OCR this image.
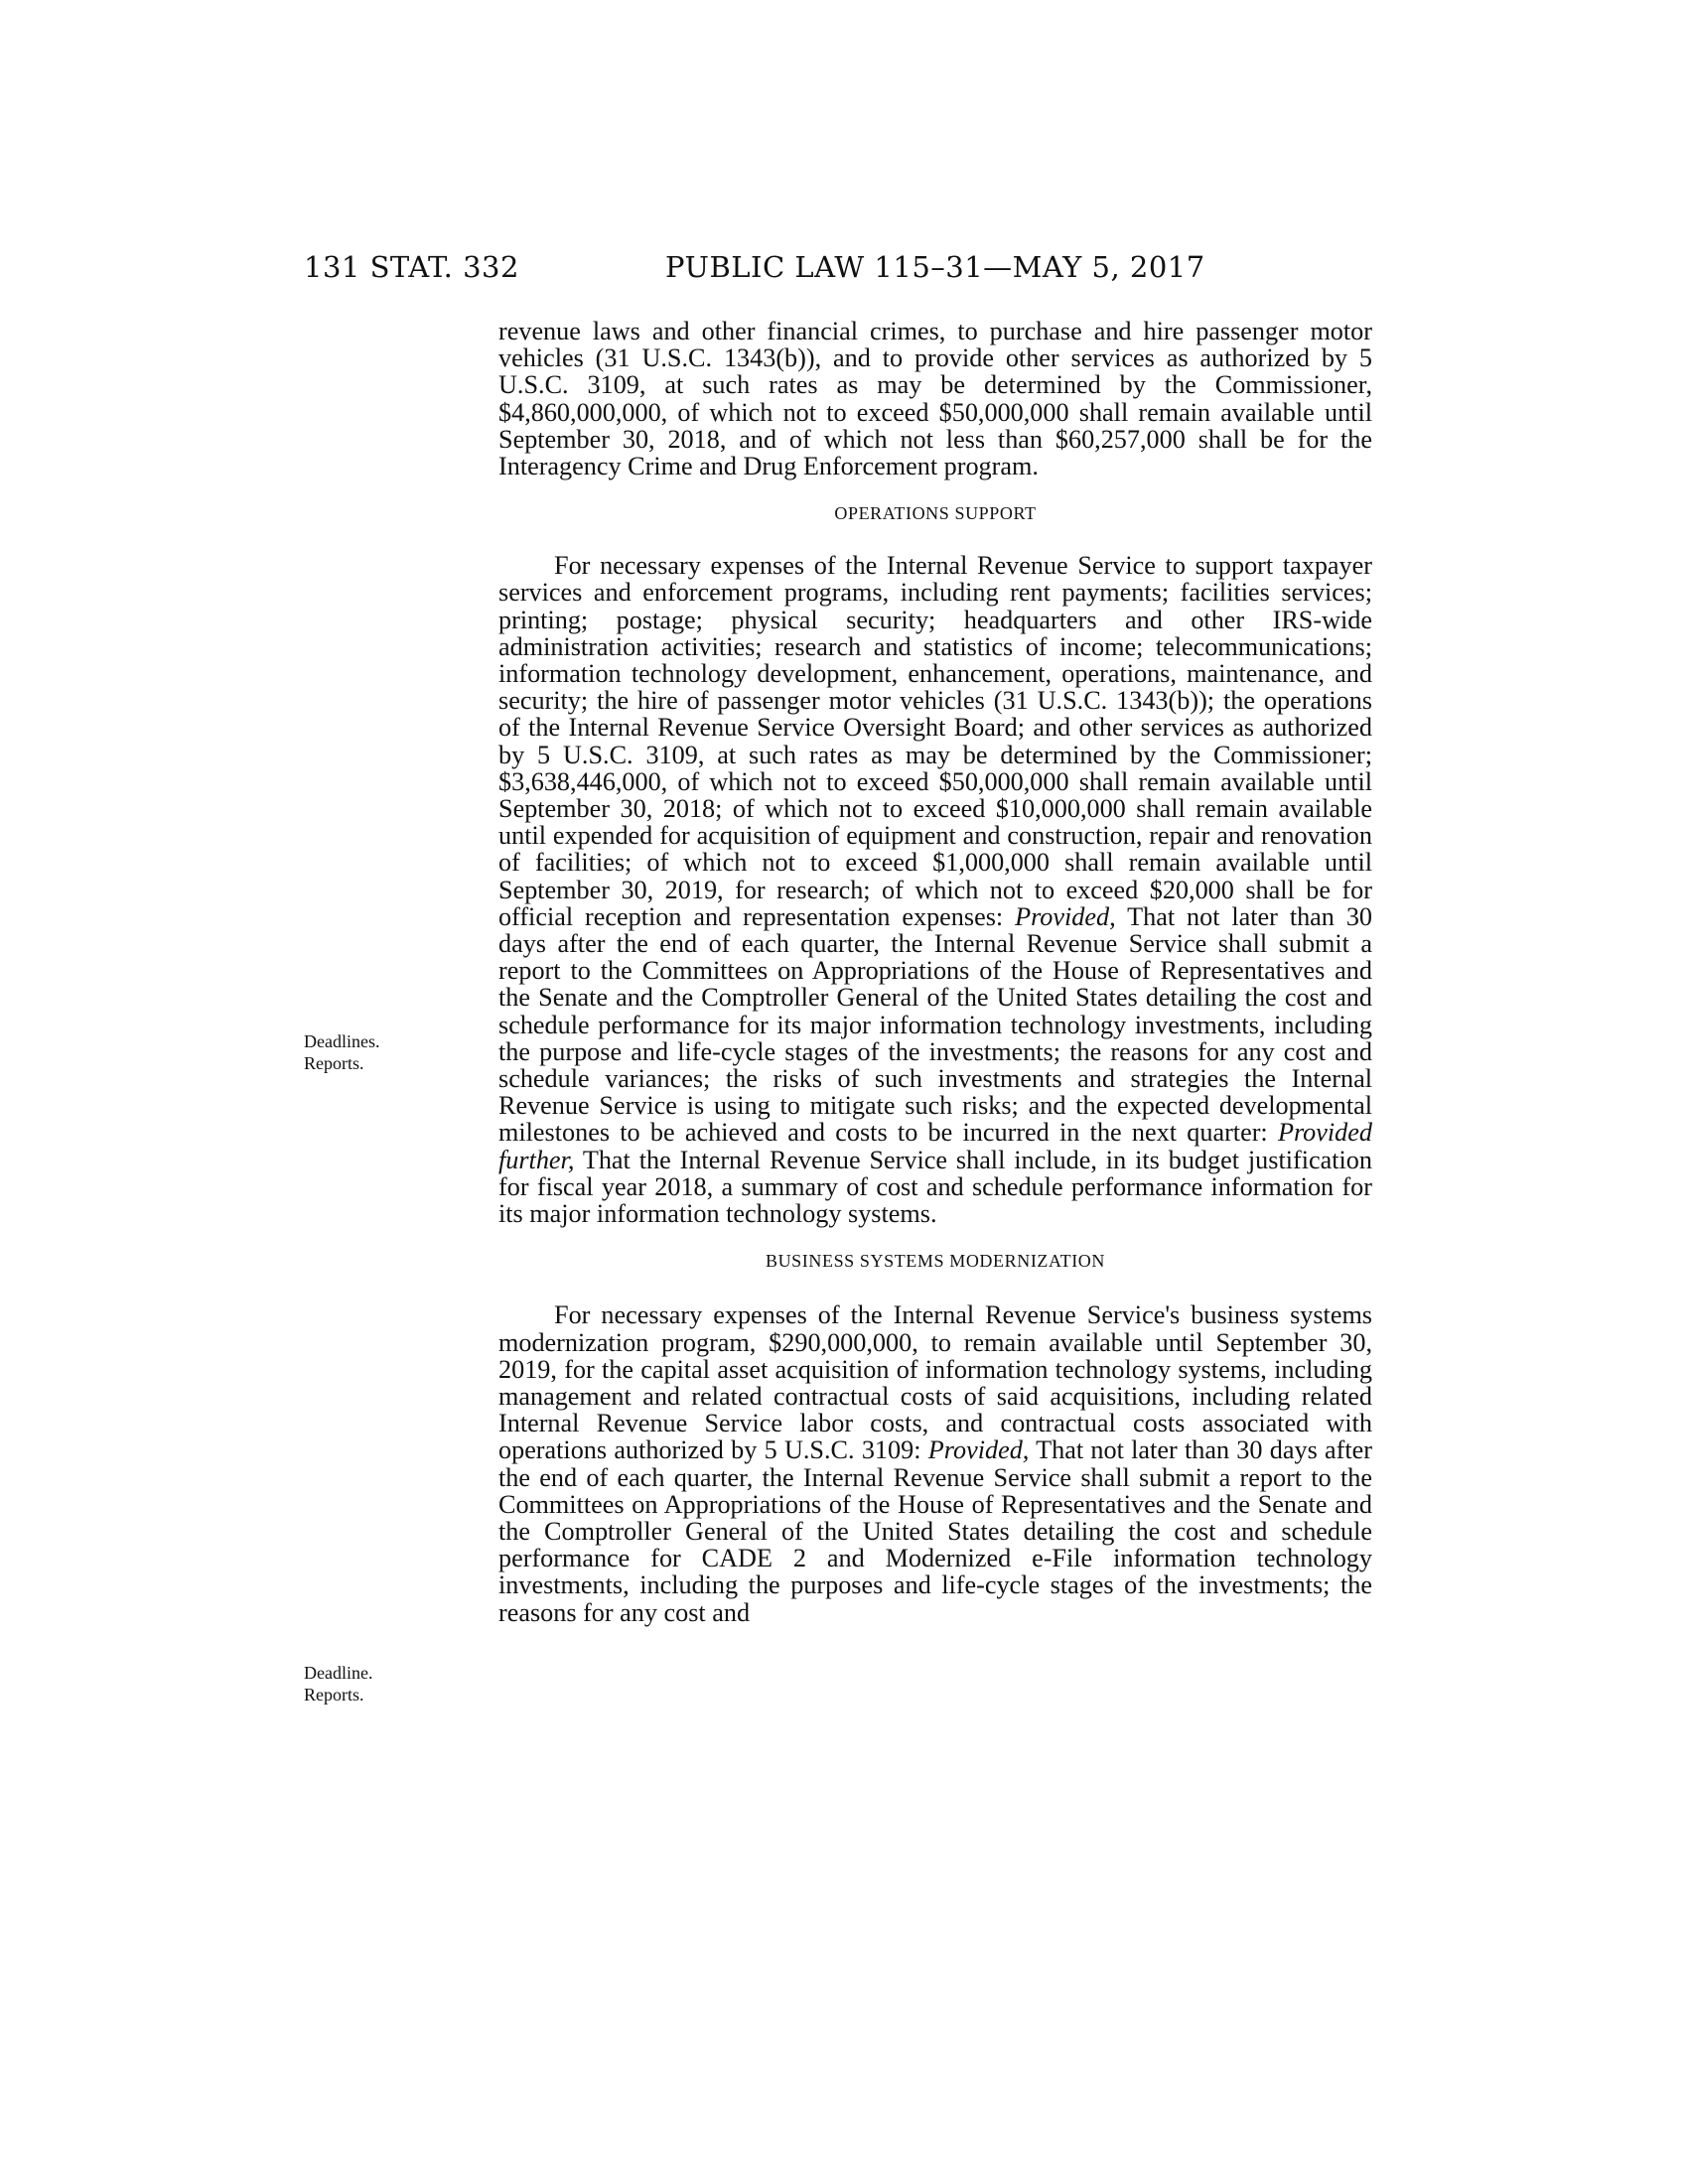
131 STAT. 332	PUBLIC LAW 115–31—MAY 5, 2017
Deadlines.
Reports.
Deadline.
Reports.

revenue laws and other financial crimes, to purchase and hire passenger motor vehicles (31 U.S.C. 1343(b)), and to provide other services as authorized by 5 U.S.C. 3109, at such rates as may be determined by the Commissioner, $4,860,000,000, of which not to exceed $50,000,000 shall remain available until September 30, 2018, and of which not less than $60,257,000 shall be for the Interagency Crime and Drug Enforcement program.

OPERATIONS SUPPORT

For necessary expenses of the Internal Revenue Service to support taxpayer services and enforcement programs, including rent payments; facilities services; printing; postage; physical security; headquarters and other IRS-wide administration activities; research and statistics of income; telecommunications; information technology development, enhancement, operations, maintenance, and security; the hire of passenger motor vehicles (31 U.S.C. 1343(b)); the operations of the Internal Revenue Service Oversight Board; and other services as authorized by 5 U.S.C. 3109, at such rates as may be determined by the Commissioner; $3,638,446,000, of which not to exceed $50,000,000 shall remain available until September 30, 2018; of which not to exceed $10,000,000 shall remain available until expended for acquisition of equipment and construction, repair and renovation of facilities; of which not to exceed $1,000,000 shall remain available until September 30, 2019, for research; of which not to exceed $20,000 shall be for official reception and representation expenses: Provided, That not later than 30 days after the end of each quarter, the Internal Revenue Service shall submit a report to the Committees on Appropriations of the House of Representatives and the Senate and the Comptroller General of the United States detailing the cost and schedule performance for its major information technology investments, including the purpose and life-cycle stages of the investments; the reasons for any cost and schedule variances; the risks of such investments and strategies the Internal Revenue Service is using to mitigate such risks; and the expected developmental milestones to be achieved and costs to be incurred in the next quarter: Provided further, That the Internal Revenue Service shall include, in its budget justification for fiscal year 2018, a summary of cost and schedule performance information for its major information technology systems.

BUSINESS SYSTEMS MODERNIZATION

For necessary expenses of the Internal Revenue Service's business systems modernization program, $290,000,000, to remain available until September 30, 2019, for the capital asset acquisition of information technology systems, including management and related contractual costs of said acquisitions, including related Internal Revenue Service labor costs, and contractual costs associated with operations authorized by 5 U.S.C. 3109: Provided, That not later than 30 days after the end of each quarter, the Internal Revenue Service shall submit a report to the Committees on Appropriations of the House of Representatives and the Senate and the Comptroller General of the United States detailing the cost and schedule performance for CADE 2 and Modernized e-File information technology investments, including the purposes and life-cycle stages of the investments; the reasons for any cost and
